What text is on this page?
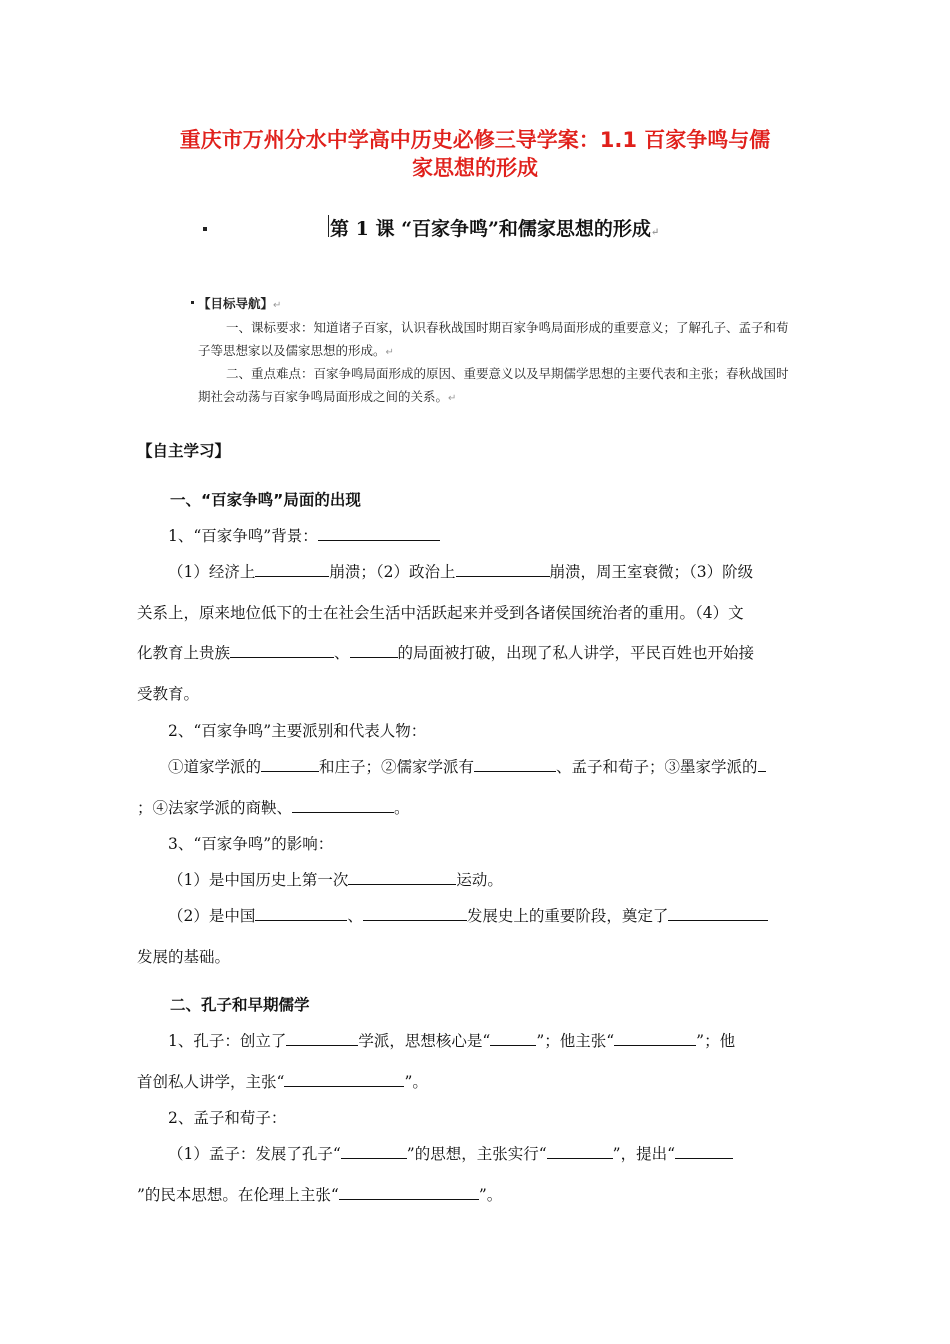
重庆市万州分水中学高中历史必修三导学案：1.1 百家争鸣与儒
家思想的形成
第 1 课 “百家争鸣”和儒家思想的形成↵
【目标导航】↵
一、课标要求：知道诸子百家，认识春秋战国时期百家争鸣局面形成的重要意义；了解孔子、孟子和荀
子等思想家以及儒家思想的形成。↵
二、重点难点：百家争鸣局面形成的原因、重要意义以及早期儒学思想的主要代表和主张；春秋战国时
期社会动荡与百家争鸣局面形成之间的关系。↵
【自主学习】
一、“百家争鸣”局面的出现
1、“百家争鸣”背景：
（1）经济上	崩溃；（2）政治上	崩溃，周王室衰微；（3）阶级
关系上，原来地位低下的士在社会生活中活跃起来并受到各诸侯国统治者的重用。（4）文
化教育上贵族	、	的局面被打破，出现了私人讲学，平民百姓也开始接
受教育。
2、“百家争鸣”主要派别和代表人物：
①道家学派的	和庄子；②儒家学派有	、孟子和荀子；③墨家学派的
；④法家学派的商鞅、	。
3、“百家争鸣”的影响：
（1）是中国历史上第一次	运动。
（2）是中国	、	发展史上的重要阶段，奠定了
发展的基础。
二、孔子和早期儒学
1、孔子：创立了	学派，思想核心是“	”；他主张“	”；他
首创私人讲学，主张“	”。
2、孟子和荀子：
（1）孟子：发展了孔子“	”的思想，主张实行“	”，提出“
”的民本思想。在伦理上主张“	”。
